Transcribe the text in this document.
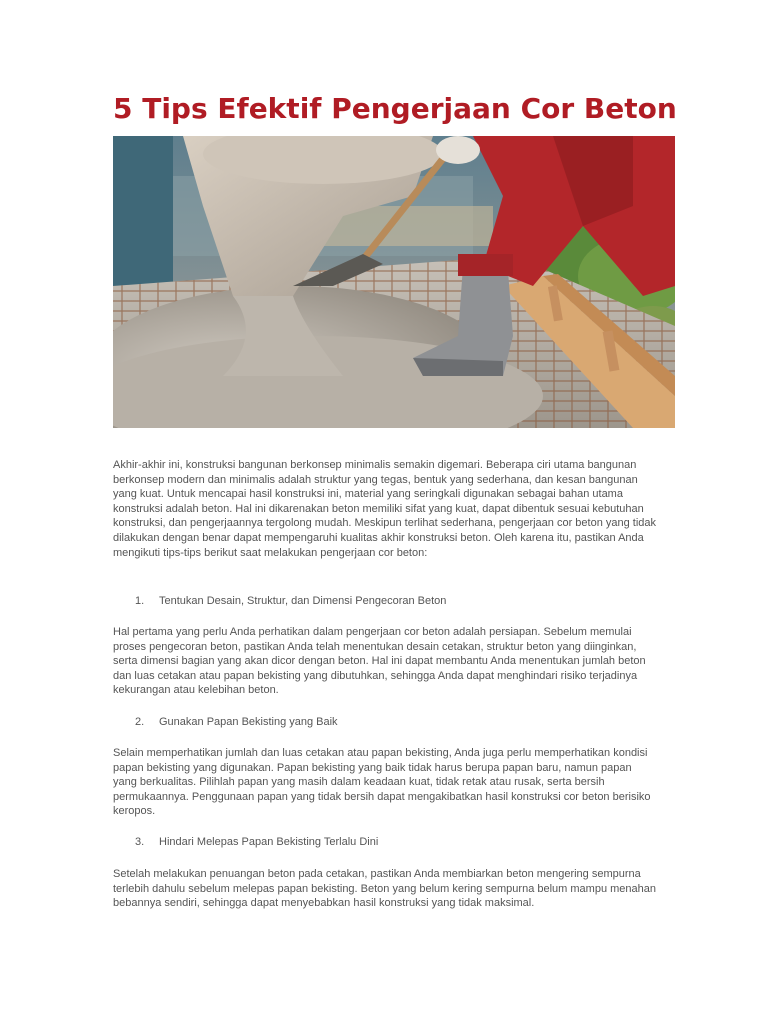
5 Tips Efektif Pengerjaan Cor Beton

Akhir-akhir ini, konstruksi bangunan berkonsep minimalis semakin digemari. Beberapa ciri utama bangunan berkonsep modern dan minimalis adalah struktur yang tegas, bentuk yang sederhana, dan kesan bangunan yang kuat. Untuk mencapai hasil konstruksi ini, material yang seringkali digunakan sebagai bahan utama konstruksi adalah beton. Hal ini dikarenakan beton memiliki sifat yang kuat, dapat dibentuk sesuai kebutuhan konstruksi, dan pengerjaannya tergolong mudah. Meskipun terlihat sederhana, pengerjaan cor beton yang tidak dilakukan dengan benar dapat mempengaruhi kualitas akhir konstruksi beton. Oleh karena itu, pastikan Anda mengikuti tips-tips berikut saat melakukan pengerjaan cor beton:

1. Tentukan Desain, Struktur, dan Dimensi Pengecoran Beton

Hal pertama yang perlu Anda perhatikan dalam pengerjaan cor beton adalah persiapan. Sebelum memulai proses pengecoran beton, pastikan Anda telah menentukan desain cetakan, struktur beton yang diinginkan, serta dimensi bagian yang akan dicor dengan beton. Hal ini dapat membantu Anda menentukan jumlah beton dan luas cetakan atau papan bekisting yang dibutuhkan, sehingga Anda dapat menghindari risiko terjadinya kekurangan atau kelebihan beton.

2. Gunakan Papan Bekisting yang Baik

Selain memperhatikan jumlah dan luas cetakan atau papan bekisting, Anda juga perlu memperhatikan kondisi papan bekisting yang digunakan. Papan bekisting yang baik tidak harus berupa papan baru, namun papan yang berkualitas. Pilihlah papan yang masih dalam keadaan kuat, tidak retak atau rusak, serta bersih permukaannya. Penggunaan papan yang tidak bersih dapat mengakibatkan hasil konstruksi cor beton berisiko keropos.

3. Hindari Melepas Papan Bekisting Terlalu Dini

Setelah melakukan penuangan beton pada cetakan, pastikan Anda membiarkan beton mengering sempurna terlebih dahulu sebelum melepas papan bekisting. Beton yang belum kering sempurna belum mampu menahan bebannya sendiri, sehingga dapat menyebabkan hasil konstruksi yang tidak maksimal.
